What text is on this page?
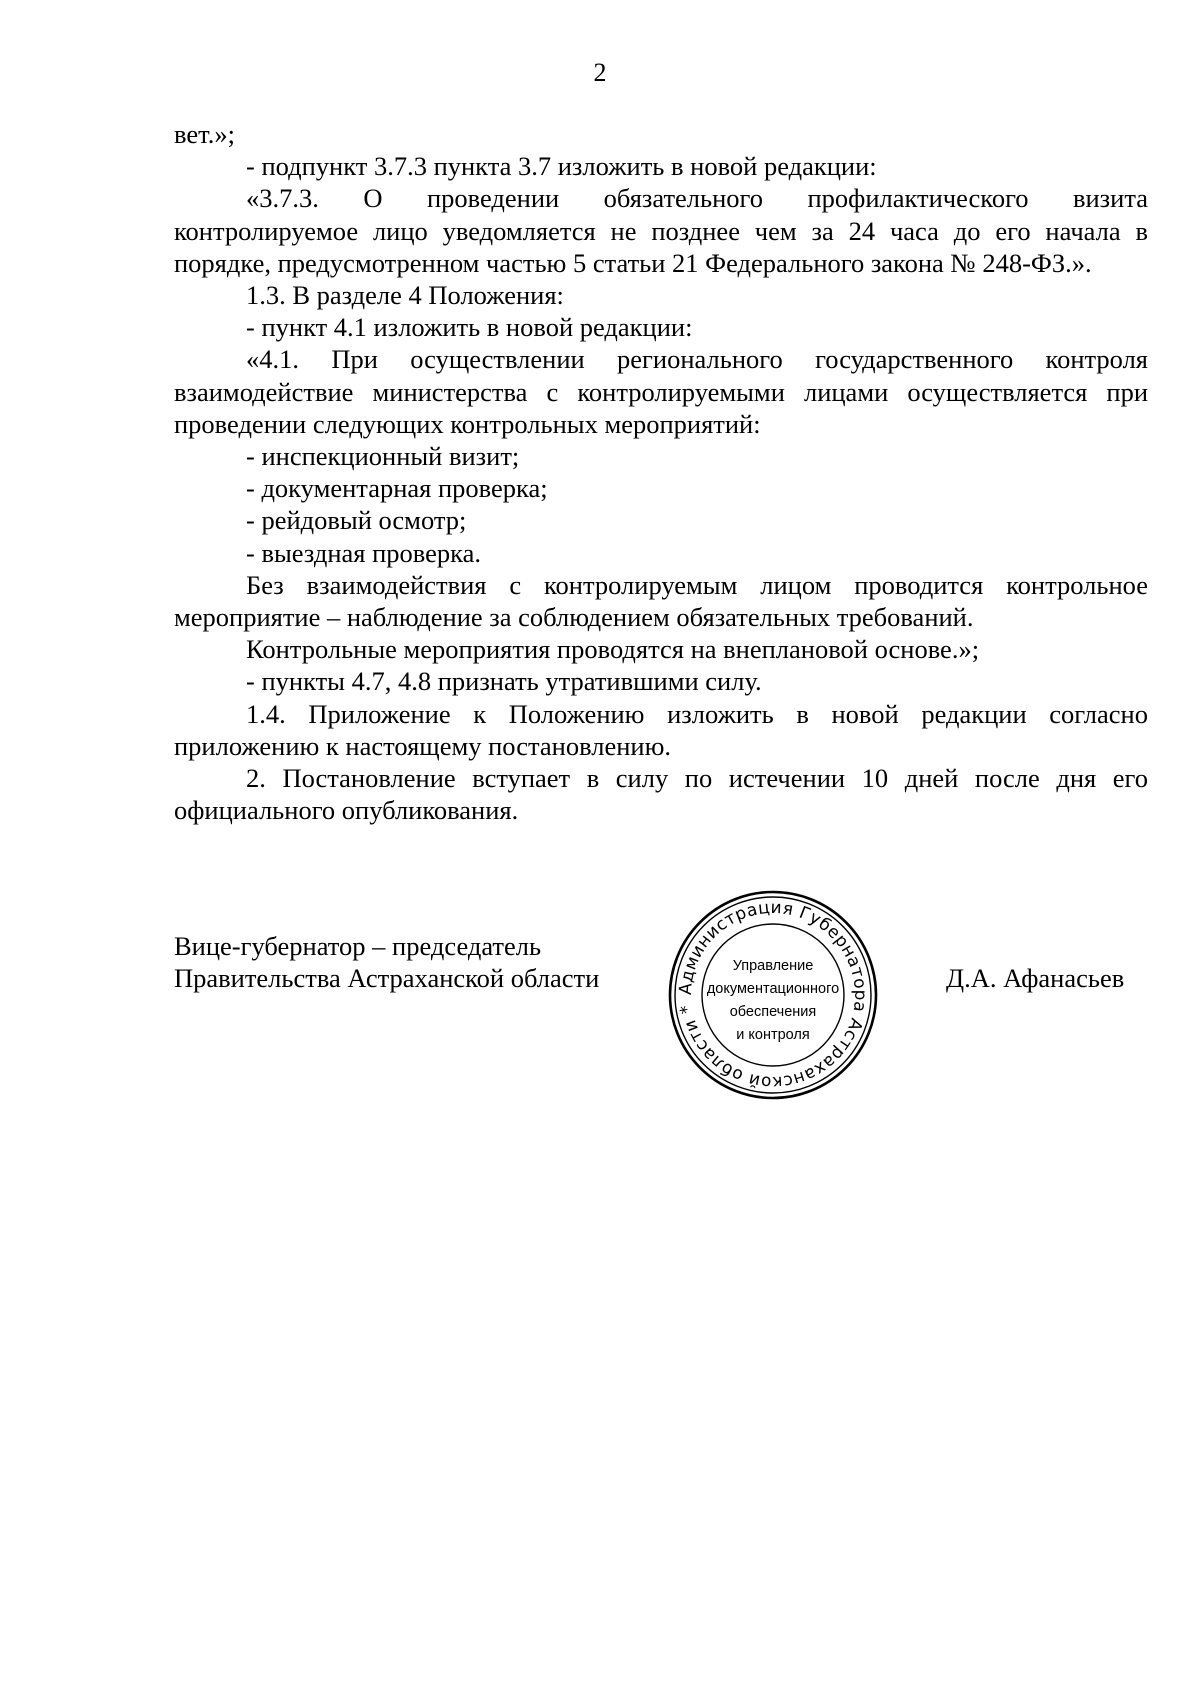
2

вет.»;

- подпункт 3.7.3 пункта 3.7 изложить в новой редакции:

«3.7.3. О проведении обязательного профилактического визита контролируемое лицо уведомляется не позднее чем за 24 часа до его начала в порядке, предусмотренном частью 5 статьи 21 Федерального закона № 248-ФЗ.».

1.3. В разделе 4 Положения:

- пункт 4.1 изложить в новой редакции:

«4.1. При осуществлении регионального государственного контроля взаимодействие министерства с контролируемыми лицами осуществляется при проведении следующих контрольных мероприятий:

- инспекционный визит;

- документарная проверка;

- рейдовый осмотр;

- выездная проверка.

Без взаимодействия с контролируемым лицом проводится контрольное мероприятие – наблюдение за соблюдением обязательных требований.

Контрольные мероприятия проводятся на внеплановой основе.»;

- пункты 4.7, 4.8 признать утратившими силу.

1.4. Приложение к Положению изложить в новой редакции согласно приложению к настоящему постановлению.

2. Постановление вступает в силу по истечении 10 дней после дня его официального опубликования.

Вице-губернатор – председатель
Правительства Астраханской области	Администрация Губернатора Астраханской области *
Управление
документационного
обеспечения
и контроля
Д.А. Афанасьев
